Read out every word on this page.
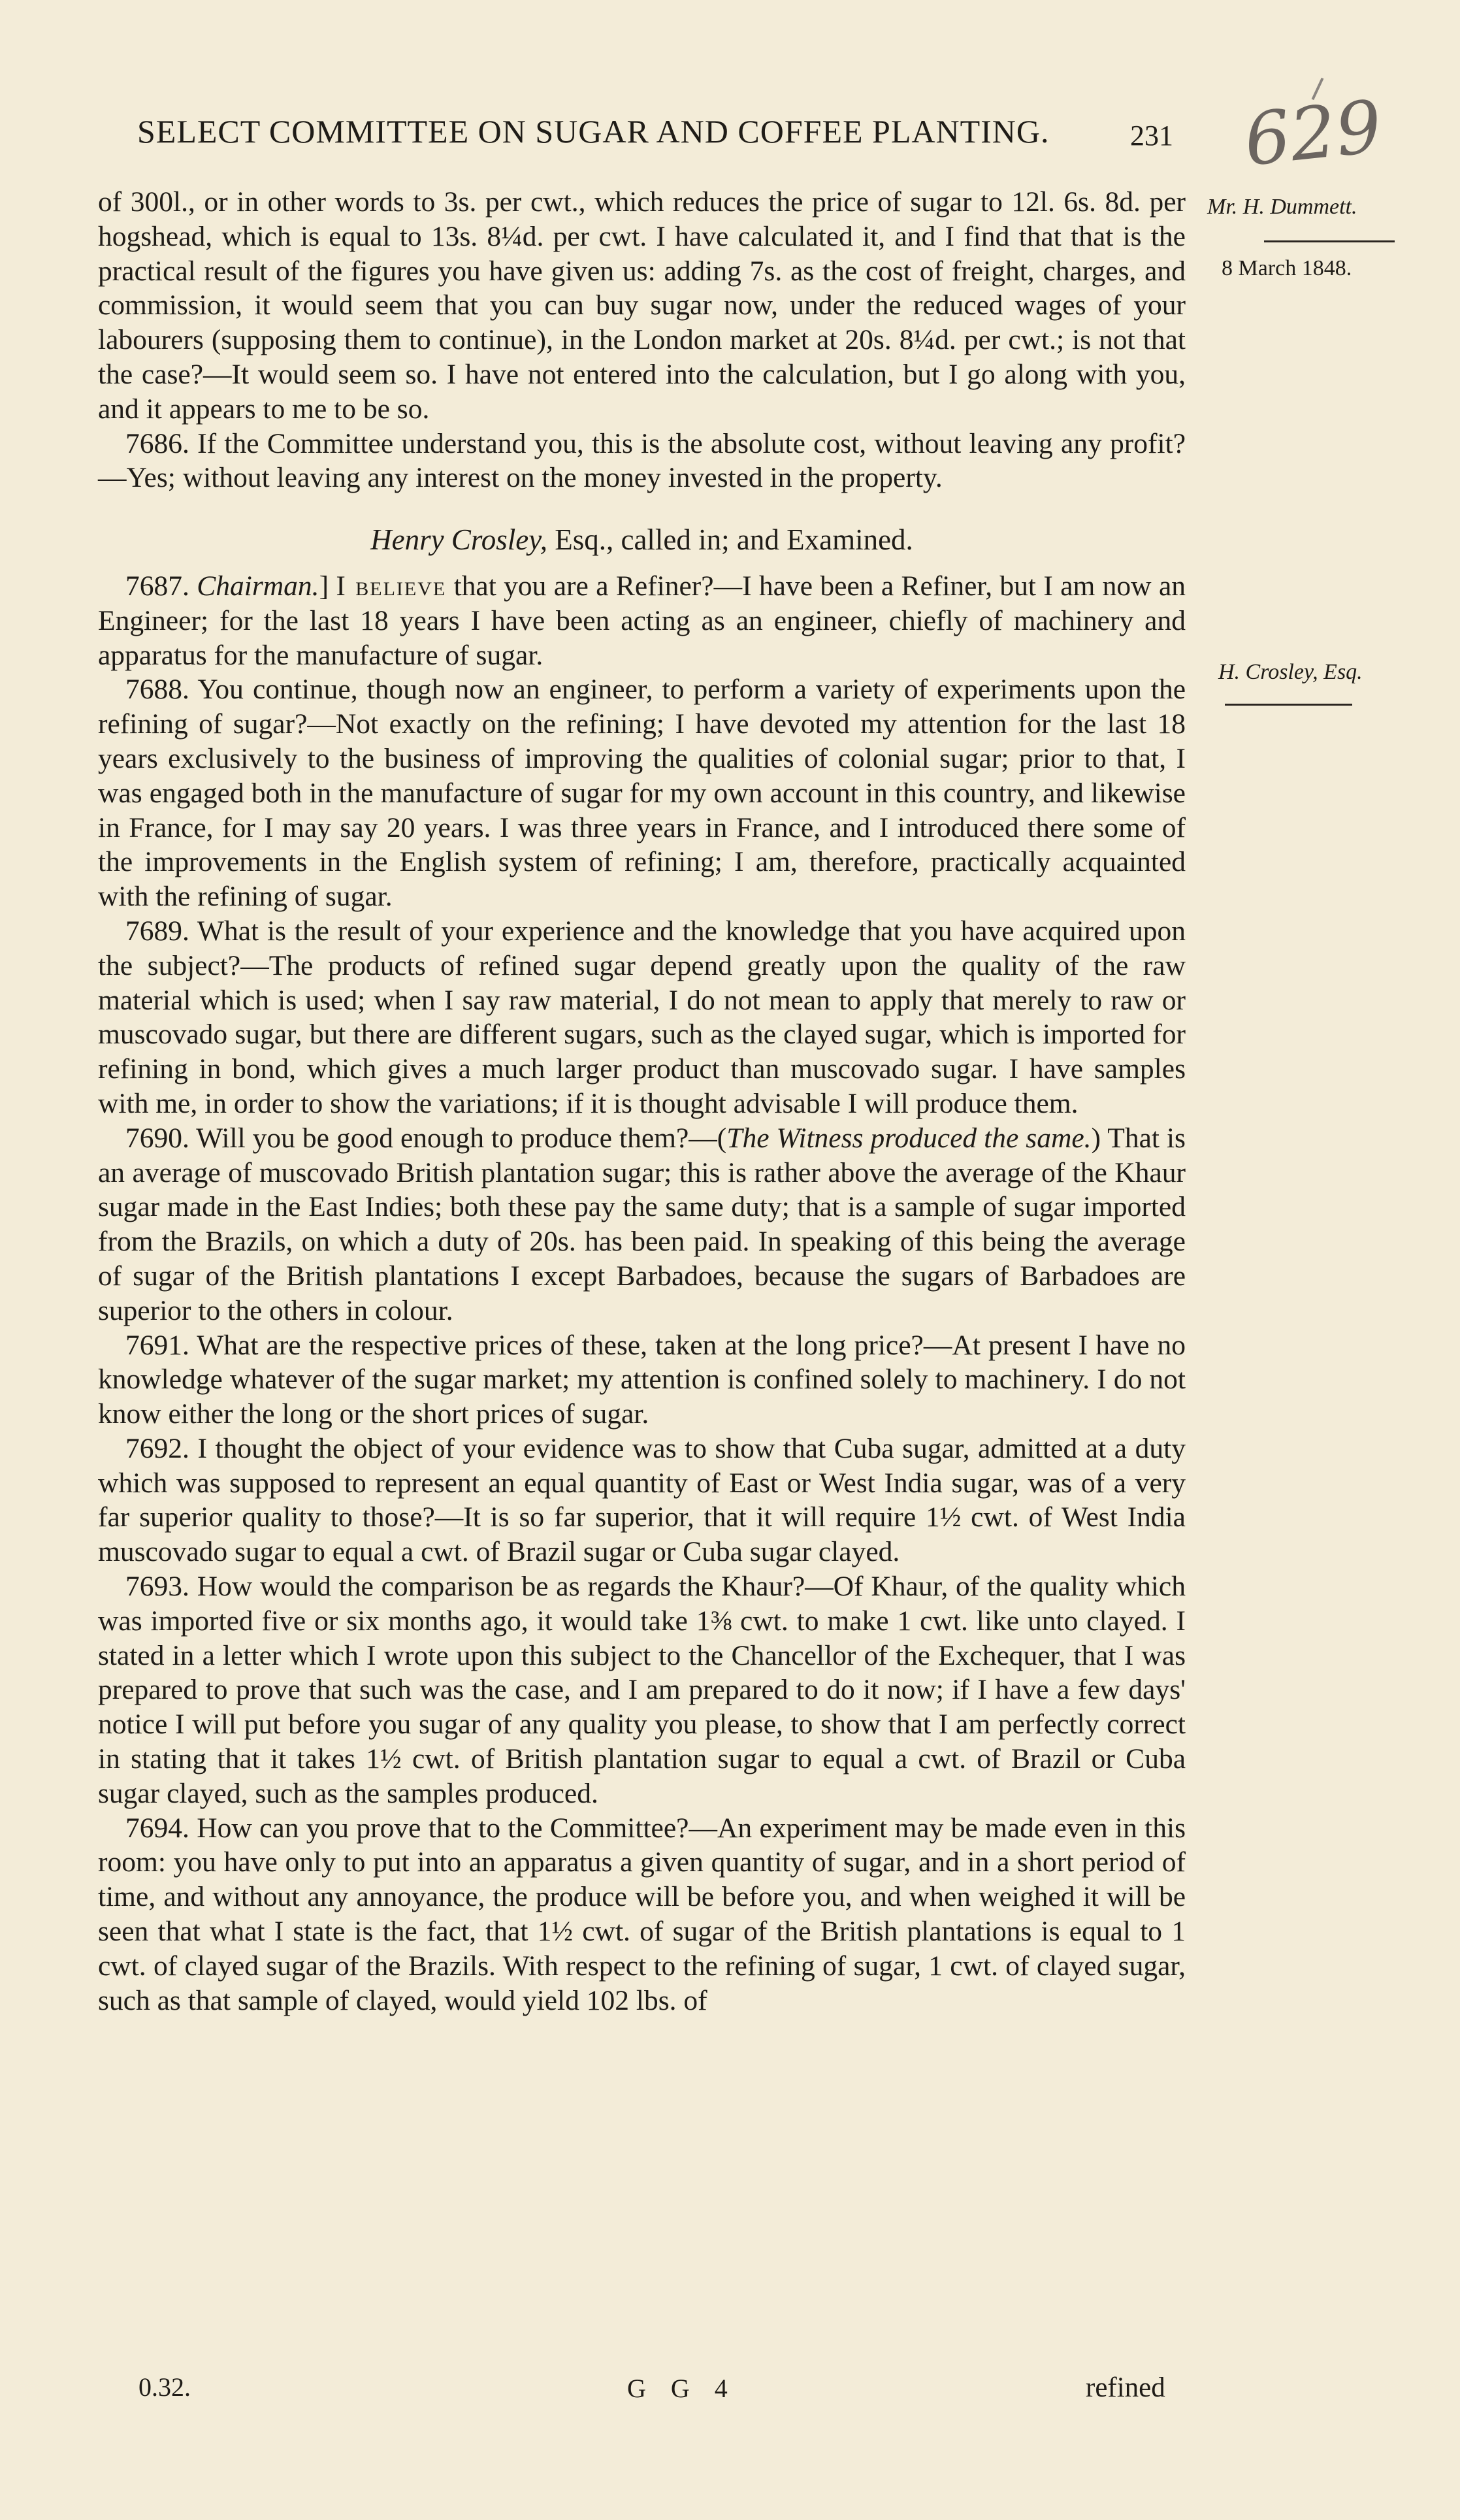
SELECT COMMITTEE ON SUGAR AND COFFEE PLANTING.	231 629
Mr. H. Dummett.
8 March 1848.
H. Crosley, Esq.

of 300l., or in other words to 3s. per cwt., which reduces the price of sugar to 12l. 6s. 8d. per hogshead, which is equal to 13s. 8¼d. per cwt. I have calculated it, and I find that that is the practical result of the figures you have given us: adding 7s. as the cost of freight, charges, and commission, it would seem that you can buy sugar now, under the reduced wages of your labourers (supposing them to continue), in the London market at 20s. 8¼d. per cwt.; is not that the case?—It would seem so. I have not entered into the calculation, but I go along with you, and it appears to me to be so.

7686. If the Committee understand you, this is the absolute cost, without leaving any profit?—Yes; without leaving any interest on the money invested in the property.

Henry Crosley, Esq., called in; and Examined.

7687. Chairman.] I believe that you are a Refiner?—I have been a Refiner, but I am now an Engineer; for the last 18 years I have been acting as an engineer, chiefly of machinery and apparatus for the manufacture of sugar.

7688. You continue, though now an engineer, to perform a variety of experiments upon the refining of sugar?—Not exactly on the refining; I have devoted my attention for the last 18 years exclusively to the business of improving the qualities of colonial sugar; prior to that, I was engaged both in the manufacture of sugar for my own account in this country, and likewise in France, for I may say 20 years. I was three years in France, and I introduced there some of the improvements in the English system of refining; I am, therefore, practically acquainted with the refining of sugar.

7689. What is the result of your experience and the knowledge that you have acquired upon the subject?—The products of refined sugar depend greatly upon the quality of the raw material which is used; when I say raw material, I do not mean to apply that merely to raw or muscovado sugar, but there are different sugars, such as the clayed sugar, which is imported for refining in bond, which gives a much larger product than muscovado sugar. I have samples with me, in order to show the variations; if it is thought advisable I will produce them.

7690. Will you be good enough to produce them?—(The Witness produced the same.) That is an average of muscovado British plantation sugar; this is rather above the average of the Khaur sugar made in the East Indies; both these pay the same duty; that is a sample of sugar imported from the Brazils, on which a duty of 20s. has been paid. In speaking of this being the average of sugar of the British plantations I except Barbadoes, because the sugars of Barbadoes are superior to the others in colour.

7691. What are the respective prices of these, taken at the long price?—At present I have no knowledge whatever of the sugar market; my attention is confined solely to machinery. I do not know either the long or the short prices of sugar.

7692. I thought the object of your evidence was to show that Cuba sugar, admitted at a duty which was supposed to represent an equal quantity of East or West India sugar, was of a very far superior quality to those?—It is so far superior, that it will require 1½ cwt. of West India muscovado sugar to equal a cwt. of Brazil sugar or Cuba sugar clayed.

7693. How would the comparison be as regards the Khaur?—Of Khaur, of the quality which was imported five or six months ago, it would take 1⅜ cwt. to make 1 cwt. like unto clayed. I stated in a letter which I wrote upon this subject to the Chancellor of the Exchequer, that I was prepared to prove that such was the case, and I am prepared to do it now; if I have a few days' notice I will put before you sugar of any quality you please, to show that I am perfectly correct in stating that it takes 1½ cwt. of British plantation sugar to equal a cwt. of Brazil or Cuba sugar clayed, such as the samples produced.

7694. How can you prove that to the Committee?—An experiment may be made even in this room: you have only to put into an apparatus a given quantity of sugar, and in a short period of time, and without any annoyance, the produce will be before you, and when weighed it will be seen that what I state is the fact, that 1½ cwt. of sugar of the British plantations is equal to 1 cwt. of clayed sugar of the Brazils. With respect to the refining of sugar, 1 cwt. of clayed sugar, such as that sample of clayed, would yield 102 lbs. of

0.32.	G G 4	refined
